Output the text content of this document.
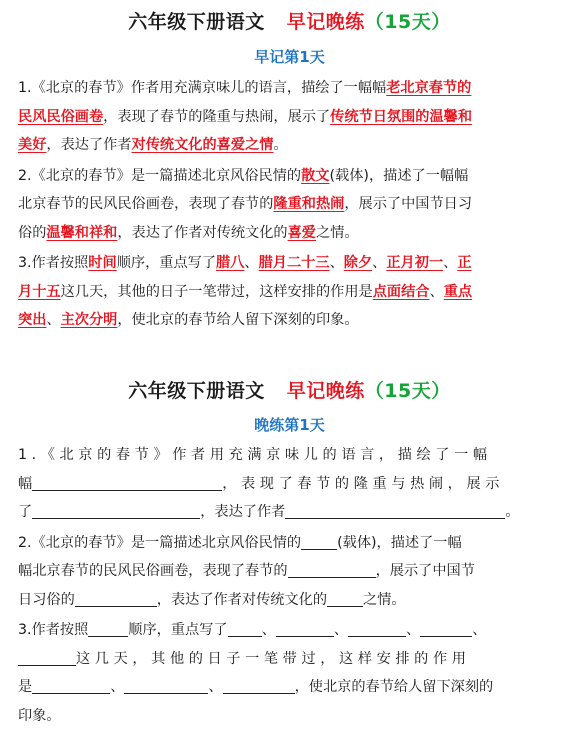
六年级下册语文 早记晚练（15天）
早记第1天

1.《北京的春节》作者用充满京味儿的语言，描绘了一幅幅老北京春节的
民风民俗画卷，表现了春节的隆重与热闹，展示了传统节日氛围的温馨和
美好，表达了作者对传统文化的喜爱之情。

2.《北京的春节》是一篇描述北京风俗民情的散文(载体)，描述了一幅幅
北京春节的民风民俗画卷，表现了春节的隆重和热闹，展示了中国节日习
俗的温馨和祥和，表达了作者对传统文化的喜爱之情。

3.作者按照时间顺序，重点写了腊八、腊月二十三、除夕、正月初一、正
月十五这几天，其他的日子一笔带过，这样安排的作用是点面结合、重点
突出、主次分明，使北京的春节给人留下深刻的印象。

六年级下册语文 早记晚练（15天）
晚练第1天

1.《北京的春节》作者用充满京味儿的语言，描绘了一幅
幅	，表现了春节的隆重与热闹，展示
了	，表达了作者	。

2.《北京的春节》是一篇描述北京风俗民情的	(载体)，描述了一幅
幅北京春节的民风民俗画卷，表现了春节的	，展示了中国节
日习俗的	，表达了作者对传统文化的	之情。

3.作者按照	顺序，重点写了 、	、	、	、
这几天，其他的日子一笔带过，这样安排的作用
是	、	、	，使北京的春节给人留下深刻的
印象。
